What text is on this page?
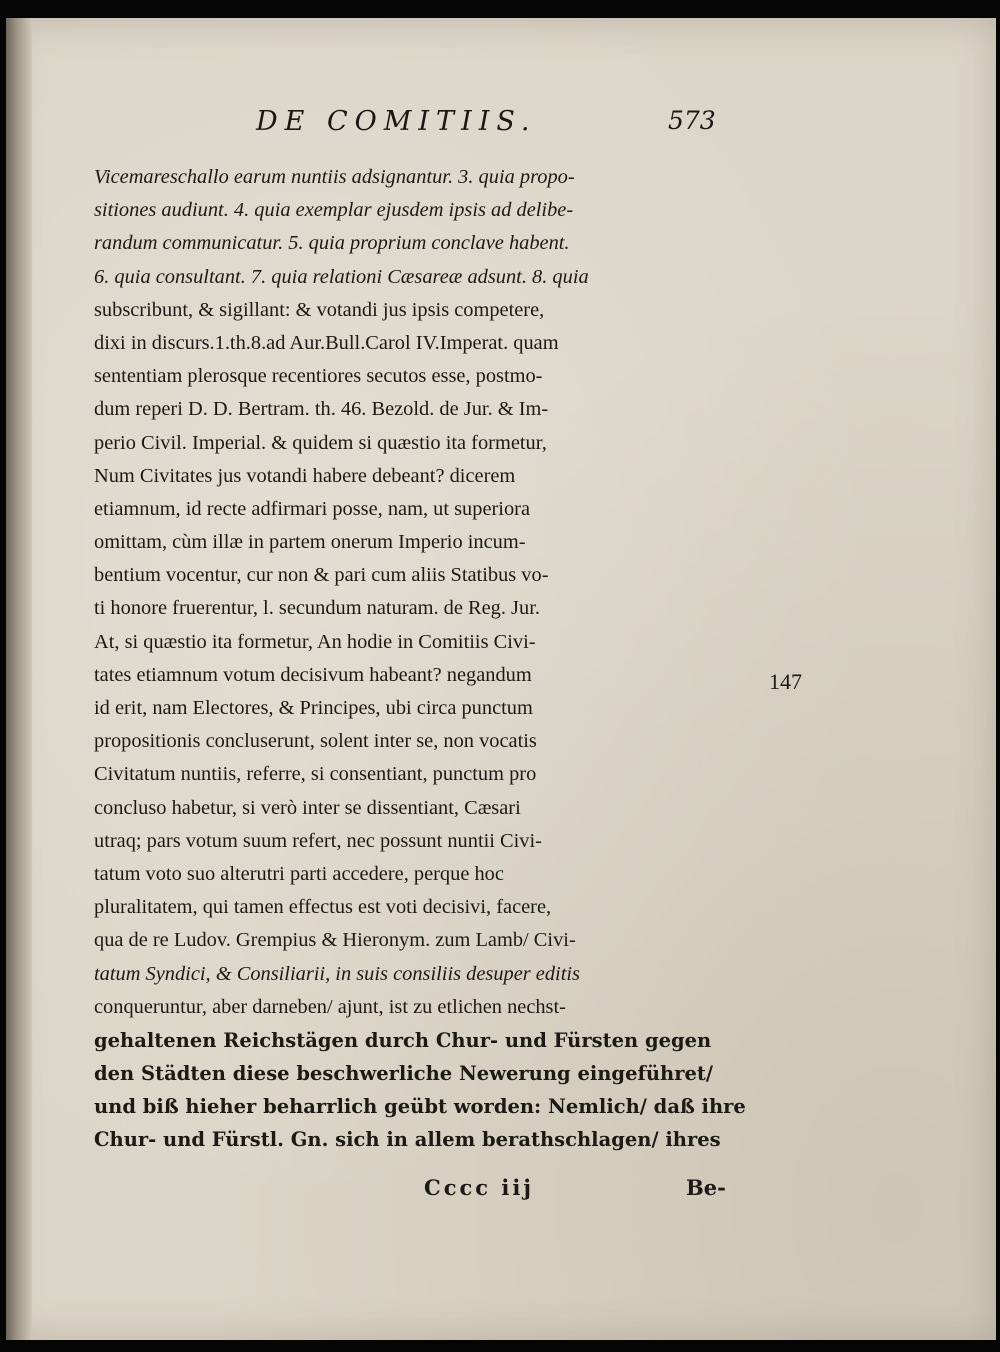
DE COMITIIS.	573
Vicemareschallo earum nuntiis adsignantur. 3. quia propo-
sitiones audiunt. 4. quia exemplar ejusdem ipsis ad delibe-
randum communicatur. 5. quia proprium conclave habent.
6. quia consultant. 7. quia relationi Cæsareæ adsunt. 8. quia
subscribunt, & sigillant: & votandi jus ipsis competere,
dixi in discurs.1.th.8.ad Aur.Bull.Carol IV.Imperat. quam
sententiam plerosque recentiores secutos esse, postmo-
dum reperi D. D. Bertram. th. 46. Bezold. de Jur. & Im-
perio Civil. Imperial. & quidem si quæstio ita formetur,
Num Civitates jus votandi habere debeant? dicerem
etiamnum, id recte adfirmari posse, nam, ut superiora
omittam, cùm illæ in partem onerum Imperio incum-
bentium vocentur, cur non & pari cum aliis Statibus vo-
ti honore fruerentur, l. secundum naturam. de Reg. Jur.
At, si quæstio ita formetur, An hodie in Comitiis Civi-
tates etiamnum votum decisivum habeant? negandum
id erit, nam Electores, & Principes, ubi circa punctum
propositionis concluserunt, solent inter se, non vocatis
Civitatum nuntiis, referre, si consentiant, punctum pro
concluso habetur, si verò inter se dissentiant, Cæsari
utraq; pars votum suum refert, nec possunt nuntii Civi-
tatum voto suo alterutri parti accedere, perque hoc
pluralitatem, qui tamen effectus est voti decisivi, facere,
qua de re Ludov. Grempius & Hieronym. zum Lamb/ Civi-
tatum Syndici, & Consiliarii, in suis consiliis desuper editis
conqueruntur, aber darneben/ ajunt, ist zu etlichen nechst-
gehaltenen Reichstägen durch Chur- und Fürsten gegen
den Städten diese beschwerliche Newerung eingeführet/
und biß hieher beharrlich geübt worden: Nemlich/ daß ihre
Chur- und Fürstl. Gn. sich in allem berathschlagen/ ihres
147
Cccc iij	Be-
